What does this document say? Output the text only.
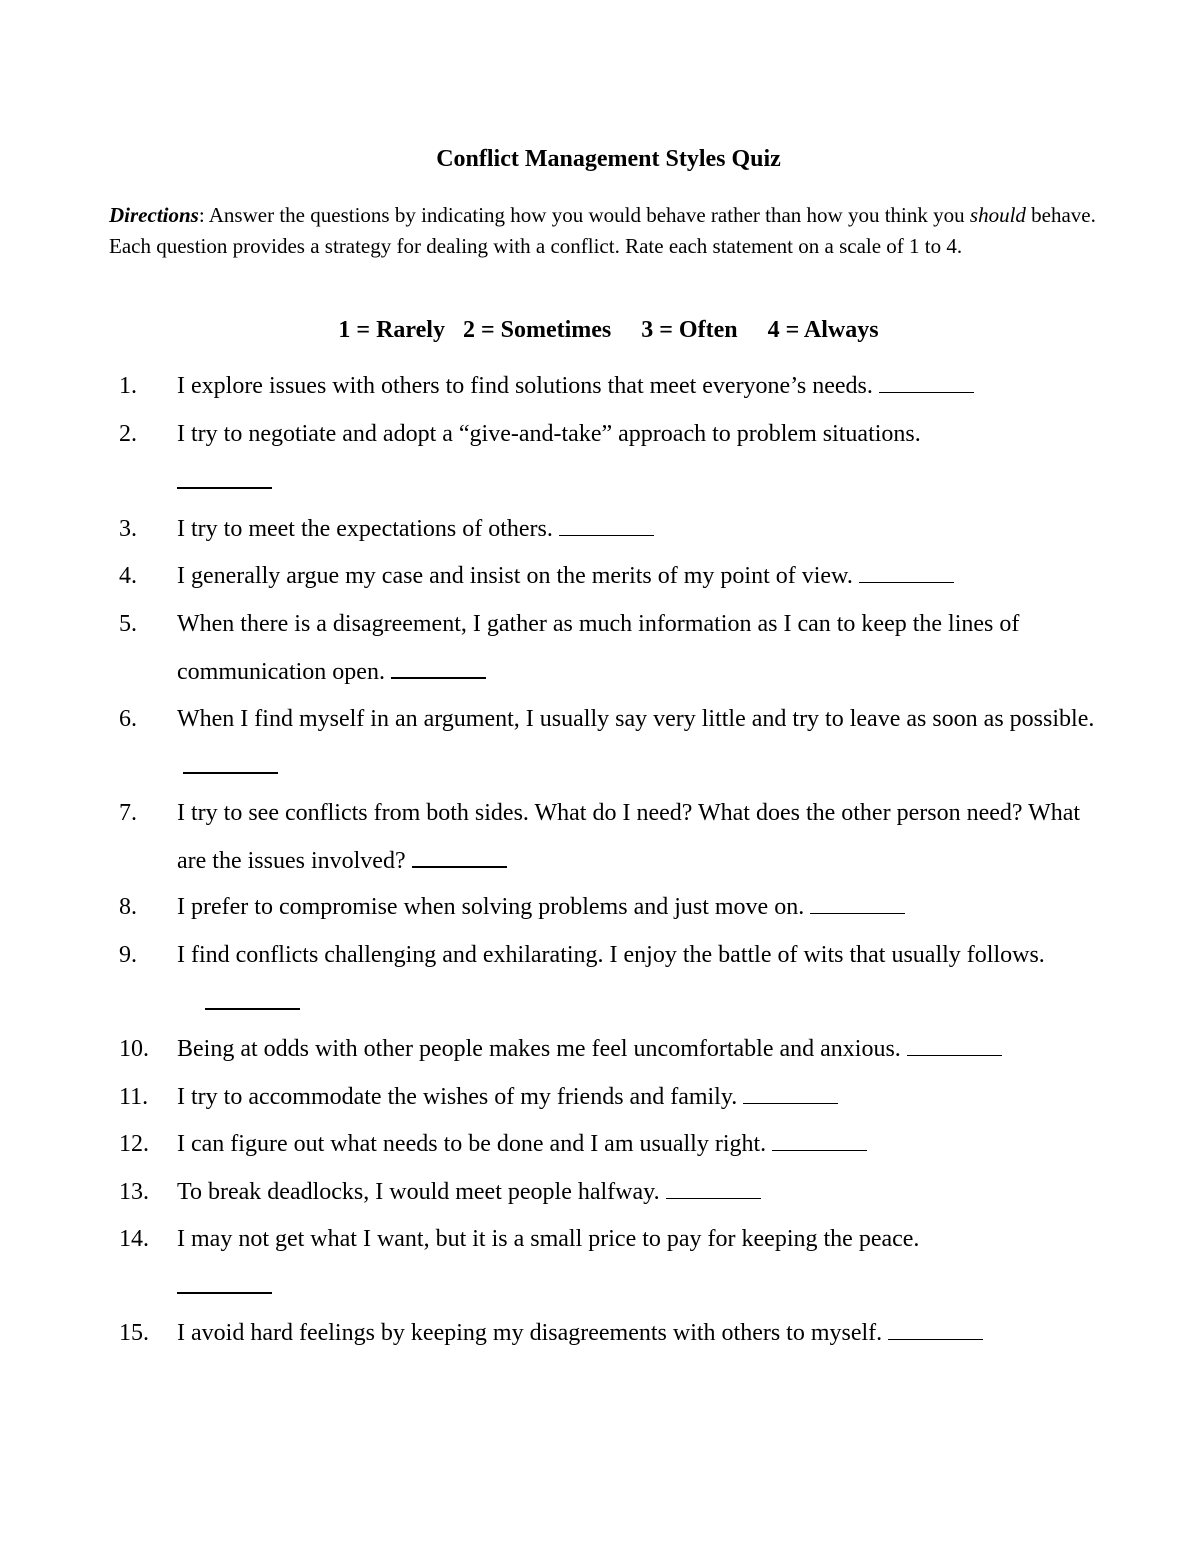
Conflict Management Styles Quiz
Directions: Answer the questions by indicating how you would behave rather than how you think you should behave. Each question provides a strategy for dealing with a conflict. Rate each statement on a scale of 1 to 4.
1 = Rarely   2 = Sometimes     3 = Often     4 = Always
1. I explore issues with others to find solutions that meet everyone’s needs.
2. I try to negotiate and adopt a “give-and-take” approach to problem situations.

3. I try to meet the expectations of others.
4. I generally argue my case and insist on the merits of my point of view.
5. When there is a disagreement, I gather as much information as I can to keep the lines of communication open.
6. When I find myself in an argument, I usually say very little and try to leave as soon as possible.
7. I try to see conflicts from both sides. What do I need? What does the other person need? What are the issues involved?
8. I prefer to compromise when solving problems and just move on.
9. I find conflicts challenging and exhilarating. I enjoy the battle of wits that usually follows.
10. Being at odds with other people makes me feel uncomfortable and anxious.
11. I try to accommodate the wishes of my friends and family.
12. I can figure out what needs to be done and I am usually right.
13. To break deadlocks, I would meet people halfway.
14. I may not get what I want, but it is a small price to pay for keeping the peace.

15. I avoid hard feelings by keeping my disagreements with others to myself.
